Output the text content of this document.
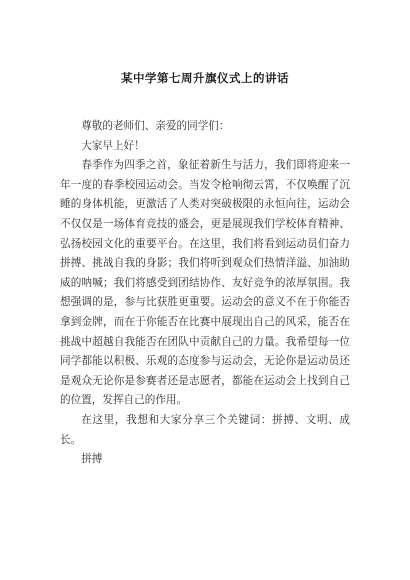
某中学第七周升旗仪式上的讲话

尊敬的老师们、亲爱的同学们：

大家早上好！

春季作为四季之首，象征着新生与活力，我们即将迎来一年一度的春季校园运动会。当发令枪响彻云霄，不仅唤醒了沉睡的身体机能，更激活了人类对突破极限的永恒向往，运动会不仅仅是一场体育竞技的盛会，更是展现我们学校体育精神、弘扬校园文化的重要平台。在这里，我们将看到运动员们奋力拼搏、挑战自我的身影；我们将听到观众们热情洋溢、加油助威的呐喊；我们将感受到团结协作、友好竞争的浓厚氛围。我想强调的是，参与比获胜更重要。运动会的意义不在于你能否拿到金牌，而在于你能否在比赛中展现出自己的风采，能否在挑战中超越自我能否在团队中贡献自己的力量。我希望每一位同学都能以积极、乐观的态度参与运动会，无论你是运动员还是观众无论你是参赛者还是志愿者，都能在运动会上找到自己的位置，发挥自己的作用。

在这里，我想和大家分享三个关键词：拼搏、文明、成长。

拼搏
